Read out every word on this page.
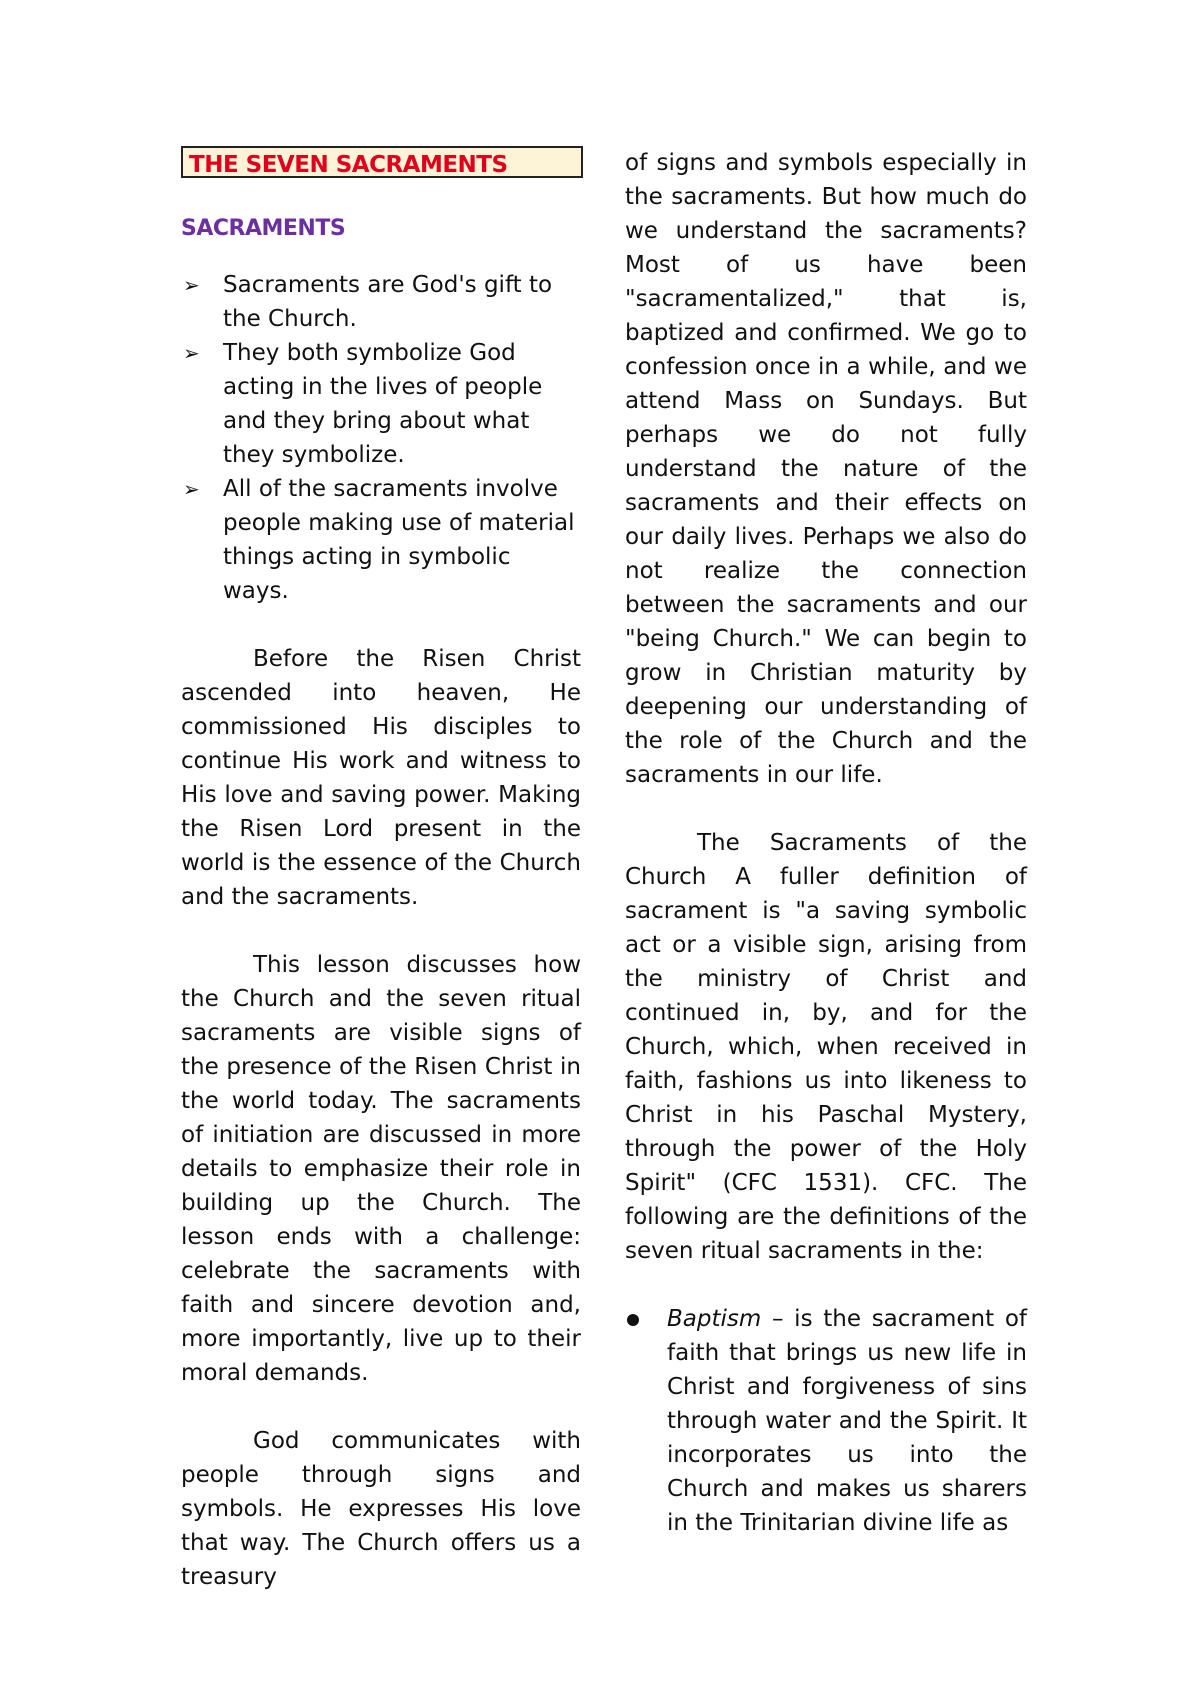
THE SEVEN SACRAMENTS
SACRAMENTS
➢ Sacraments are God's gift to the Church.
➢ They both symbolize God acting in the lives of people and they bring about what they symbolize.
➢ All of the sacraments involve people making use of material things acting in symbolic ways.

Before the Risen Christ ascended into heaven, He commissioned His disciples to continue His work and witness to His love and saving power. Making the Risen Lord present in the world is the essence of the Church and the sacraments.

This lesson discusses how the Church and the seven ritual sacraments are visible signs of the presence of the Risen Christ in the world today. The sacraments of initiation are discussed in more details to emphasize their role in building up the Church. The lesson ends with a challenge: celebrate the sacraments with faith and sincere devotion and, more importantly, live up to their moral demands.

God communicates with people through signs and symbols. He expresses His love that way. The Church offers us a treasury

of signs and symbols especially in the sacraments. But how much do we understand the sacraments? Most of us have been "sacramentalized," that is, baptized and confirmed. We go to confession once in a while, and we attend Mass on Sundays. But perhaps we do not fully understand the nature of the sacraments and their effects on our daily lives. Perhaps we also do not realize the connection between the sacraments and our "being Church." We can begin to grow in Christian maturity by deepening our understanding of the role of the Church and the sacraments in our life.

The Sacraments of the Church A fuller definition of sacrament is "a saving symbolic act or a visible sign, arising from the ministry of Christ and continued in, by, and for the Church, which, when received in faith, fashions us into likeness to Christ in his Paschal Mystery, through the power of the Holy Spirit" (CFC 1531). CFC. The following are the definitions of the seven ritual sacraments in the:

Baptism – is the sacrament of faith that brings us new life in Christ and forgiveness of sins through water and the Spirit. It incorporates us into the Church and makes us sharers in the Trinitarian divine life as
